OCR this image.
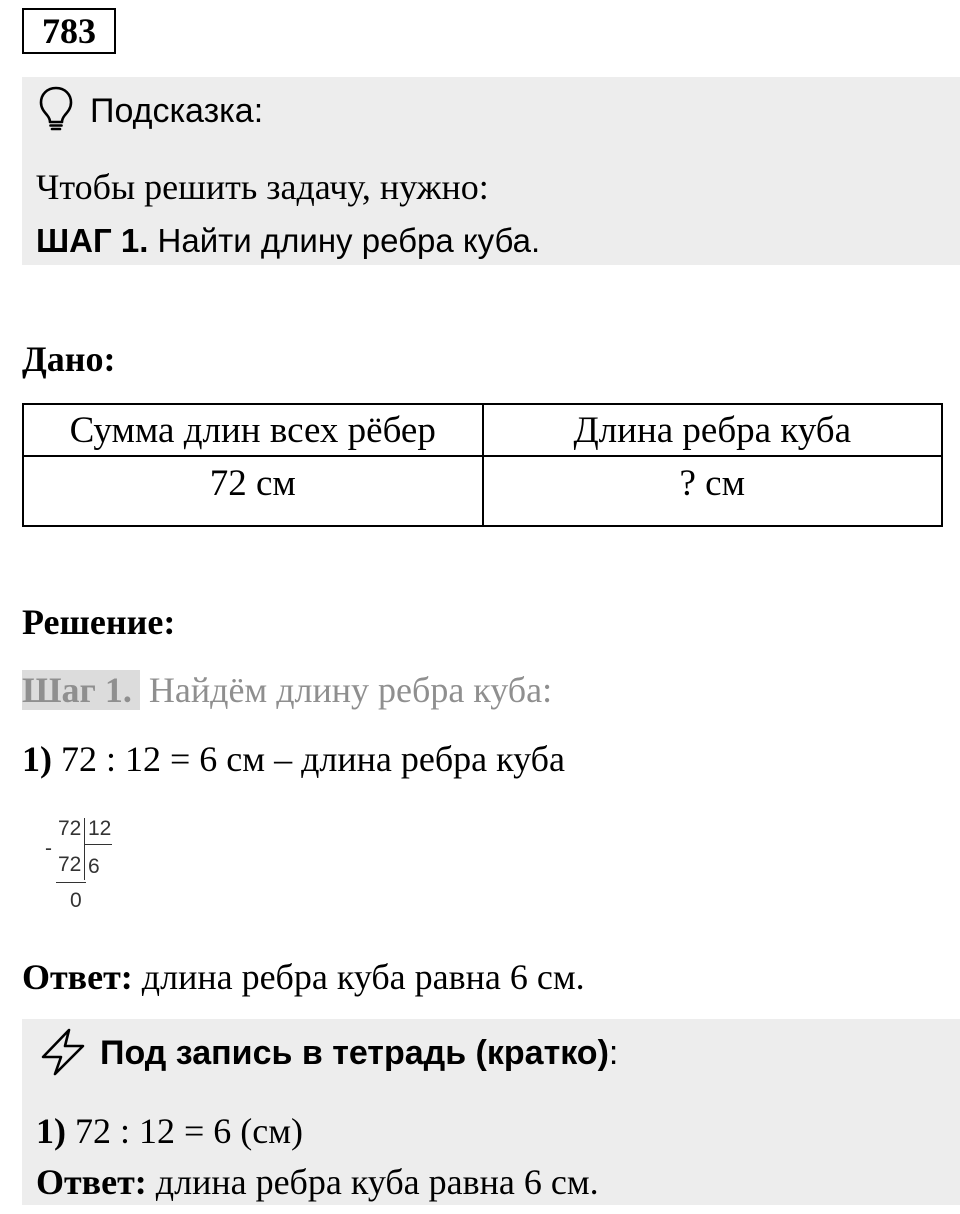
783
Подсказка:
Чтобы решить задачу, нужно:
ШАГ 1. Найти длину ребра куба.
Дано:
Сумма длин всех рёбер	Длина ребра куба
72 см	? см
Решение:
Шаг 1. Найдём длину ребра куба:
1) 72 : 12 = 6 см – длина ребра куба
72 12
-
72 6
0
Ответ: длина ребра куба равна 6 см.
Под запись в тетрадь (кратко):
1) 72 : 12 = 6 (см)
Ответ: длина ребра куба равна 6 см.
